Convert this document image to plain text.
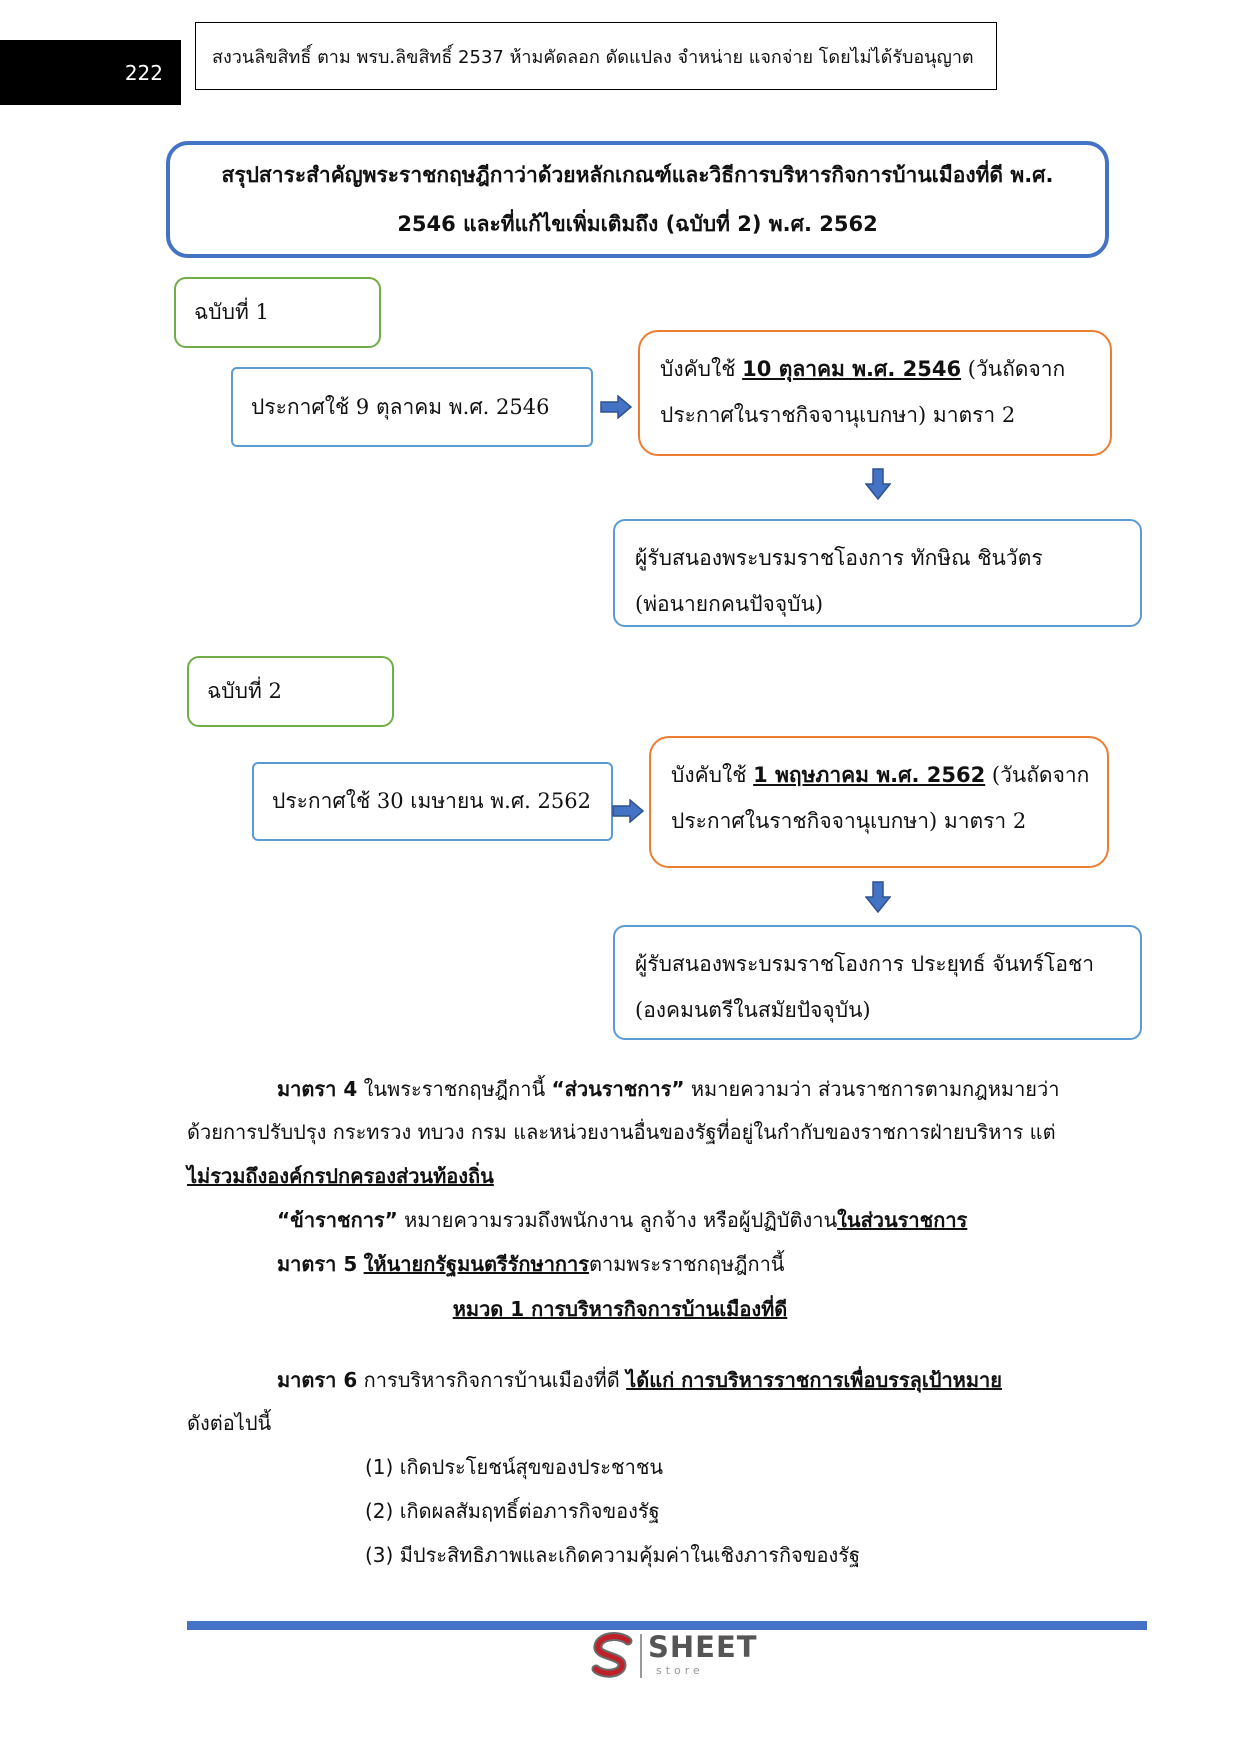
222
สงวนลิขสิทธิ์ ตาม พรบ.ลิขสิทธิ์ 2537 ห้ามคัดลอก ดัดแปลง จำหน่าย แจกจ่าย โดยไม่ได้รับอนุญาต
สรุปสาระสำคัญพระราชกฤษฎีกาว่าด้วยหลักเกณฑ์และวิธีการบริหารกิจการบ้านเมืองที่ดี พ.ศ.
2546 และที่แก้ไขเพิ่มเติมถึง (ฉบับที่ 2) พ.ศ. 2562
ฉบับที่ 1
ประกาศใช้ 9 ตุลาคม พ.ศ. 2546
บังคับใช้ 10 ตุลาคม พ.ศ. 2546 (วันถัดจาก
ประกาศในราชกิจจานุเบกษา) มาตรา 2
ผู้รับสนองพระบรมราชโองการ ทักษิณ ชินวัตร
(พ่อนายกคนปัจจุบัน)
ฉบับที่ 2
ประกาศใช้ 30 เมษายน พ.ศ. 2562
บังคับใช้ 1 พฤษภาคม พ.ศ. 2562 (วันถัดจาก
ประกาศในราชกิจจานุเบกษา) มาตรา 2
ผู้รับสนองพระบรมราชโองการ ประยุทธ์ จันทร์โอชา
(องคมนตรีในสมัยปัจจุบัน)
มาตรา 4 ในพระราชกฤษฎีกานี้ “ส่วนราชการ” หมายความว่า ส่วนราชการตามกฎหมายว่า
ด้วยการปรับปรุง กระทรวง ทบวง กรม และหน่วยงานอื่นของรัฐที่อยู่ในกำกับของราชการฝ่ายบริหาร แต่
ไม่รวมถึงองค์กรปกครองส่วนท้องถิ่น
“ข้าราชการ” หมายความรวมถึงพนักงาน ลูกจ้าง หรือผู้ปฏิบัติงานในส่วนราชการ
มาตรา 5 ให้นายกรัฐมนตรีรักษาการตามพระราชกฤษฎีกานี้
หมวด 1 การบริหารกิจการบ้านเมืองที่ดี
มาตรา 6 การบริหารกิจการบ้านเมืองที่ดี ได้แก่ การบริหารราชการเพื่อบรรลุเป้าหมาย
ดังต่อไปนี้
(1) เกิดประโยชน์สุขของประชาชน
(2) เกิดผลสัมฤทธิ์ต่อภารกิจของรัฐ
(3) มีประสิทธิภาพและเกิดความคุ้มค่าในเชิงภารกิจของรัฐ
SHEET
store
